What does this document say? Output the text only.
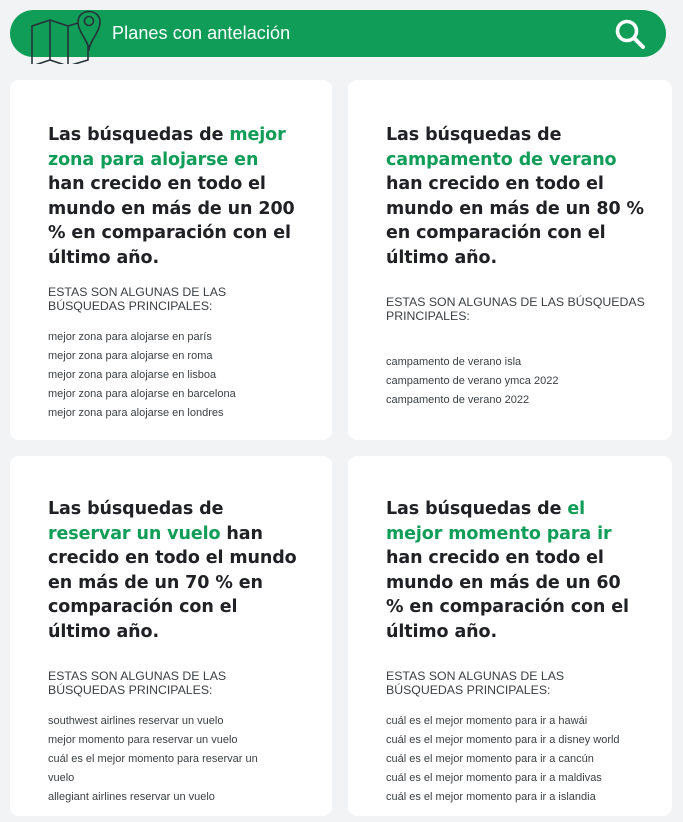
Planes con antelación

Las búsquedas de mejor zona para alojarse en han crecido en todo el mundo en más de un 200 % en comparación con el último año.

ESTAS SON ALGUNAS DE LAS BÚSQUEDAS PRINCIPALES:

mejor zona para alojarse en parís
mejor zona para alojarse en roma
mejor zona para alojarse en lisboa
mejor zona para alojarse en barcelona
mejor zona para alojarse en londres

Las búsquedas de campamento de verano han crecido en todo el mundo en más de un 80 % en comparación con el último año.

ESTAS SON ALGUNAS DE LAS BÚSQUEDAS PRINCIPALES:

campamento de verano isla
campamento de verano ymca 2022
campamento de verano 2022

Las búsquedas de reservar un vuelo han crecido en todo el mundo en más de un 70 % en comparación con el último año.

ESTAS SON ALGUNAS DE LAS BÚSQUEDAS PRINCIPALES:

southwest airlines reservar un vuelo
mejor momento para reservar un vuelo
cuál es el mejor momento para reservar un vuelo
allegiant airlines reservar un vuelo

Las búsquedas de el mejor momento para ir han crecido en todo el mundo en más de un 60 % en comparación con el último año.

ESTAS SON ALGUNAS DE LAS BÚSQUEDAS PRINCIPALES:

cuál es el mejor momento para ir a hawái
cuál es el mejor momento para ir a disney world
cuál es el mejor momento para ir a cancún
cuál es el mejor momento para ir a maldivas
cuál es el mejor momento para ir a islandia
